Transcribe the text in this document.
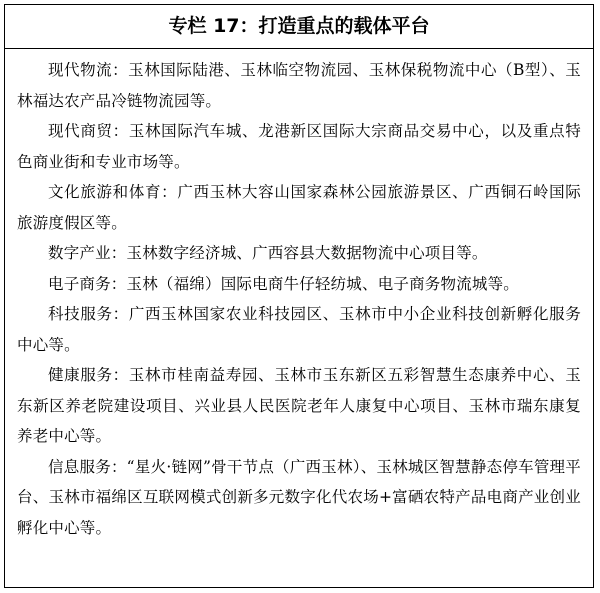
专栏 17：打造重点的载体平台

现代物流：玉林国际陆港、玉林临空物流园、玉林保税物流中心（B型）、玉林福达农产品冷链物流园等。

现代商贸：玉林国际汽车城、龙港新区国际大宗商品交易中心，以及重点特色商业街和专业市场等。

文化旅游和体育：广西玉林大容山国家森林公园旅游景区、广西铜石岭国际旅游度假区等。

数字产业：玉林数字经济城、广西容县大数据物流中心项目等。

电子商务：玉林（福绵）国际电商牛仔轻纺城、电子商务物流城等。

科技服务：广西玉林国家农业科技园区、玉林市中小企业科技创新孵化服务中心等。

健康服务：玉林市桂南益寿园、玉林市玉东新区五彩智慧生态康养中心、玉东新区养老院建设项目、兴业县人民医院老年人康复中心项目、玉林市瑞东康复养老中心等。

信息服务：“星火·链网”骨干节点（广西玉林）、玉林城区智慧静态停车管理平台、玉林市福绵区互联网模式创新多元数字化代农场+富硒农特产品电商产业创业孵化中心等。
